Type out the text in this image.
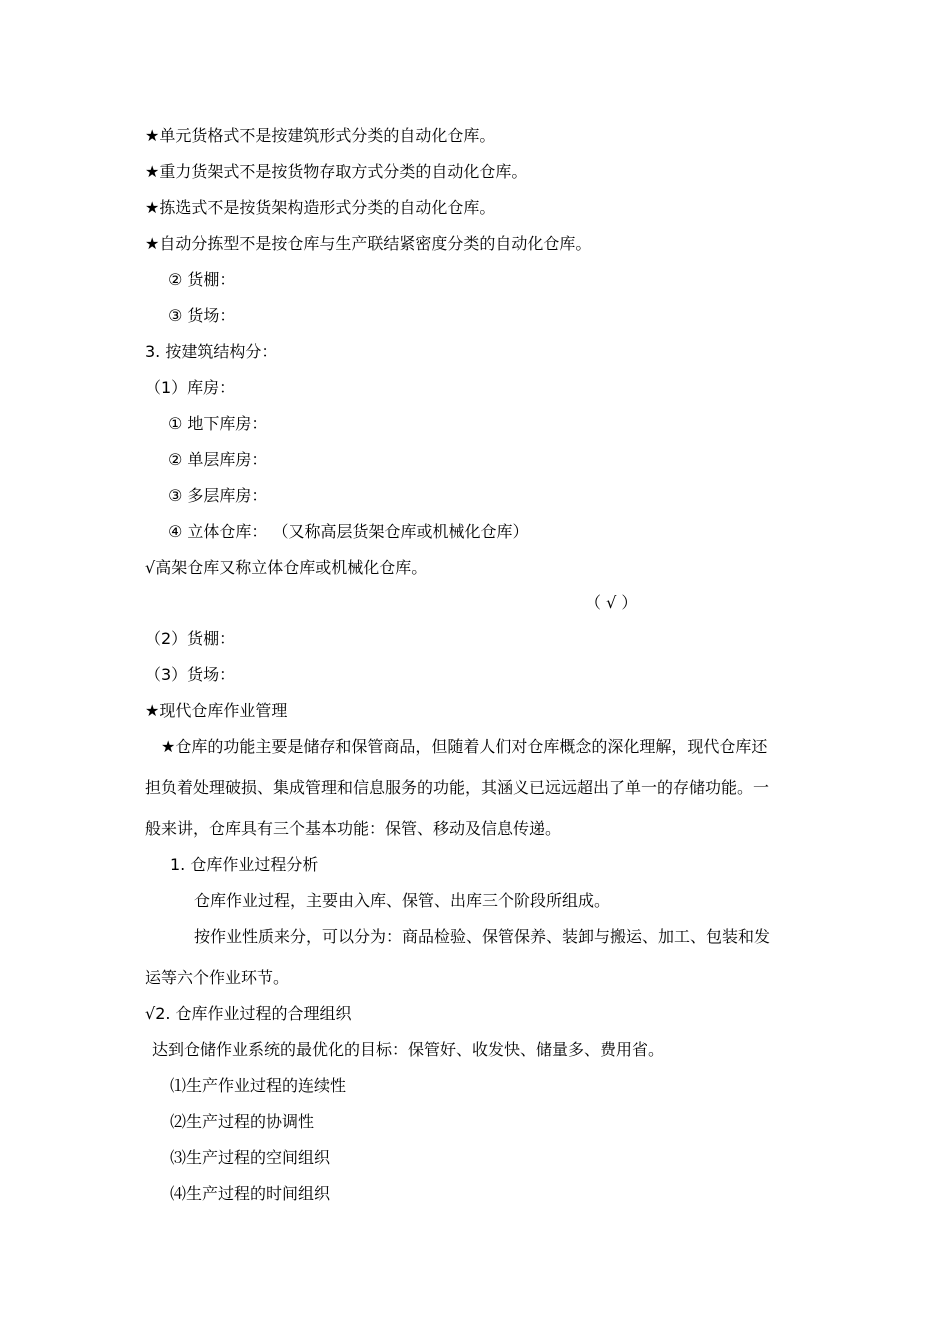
★单元货格式不是按建筑形式分类的自动化仓库。
★重力货架式不是按货物存取方式分类的自动化仓库。
★拣选式不是按货架构造形式分类的自动化仓库。
★自动分拣型不是按仓库与生产联结紧密度分类的自动化仓库。
② 货棚：
③ 货场：
3. 按建筑结构分：
（1）库房：
① 地下库房：
② 单层库房：
③ 多层库房：
④ 立体仓库： （又称高层货架仓库或机械化仓库）
√高架仓库又称立体仓库或机械化仓库。
（ √ ）
（2）货棚：
（3）货场：
★现代仓库作业管理
★仓库的功能主要是储存和保管商品，但随着人们对仓库概念的深化理解，现代仓库还
担负着处理破损、集成管理和信息服务的功能，其涵义已远远超出了单一的存储功能。一
般来讲，仓库具有三个基本功能：保管、移动及信息传递。
1. 仓库作业过程分析
仓库作业过程，主要由入库、保管、出库三个阶段所组成。
按作业性质来分，可以分为：商品检验、保管保养、装卸与搬运、加工、包装和发
运等六个作业环节。
√2. 仓库作业过程的合理组织
达到仓储作业系统的最优化的目标：保管好、收发快、储量多、费用省。
⑴生产作业过程的连续性
⑵生产过程的协调性
⑶生产过程的空间组织
⑷生产过程的时间组织
